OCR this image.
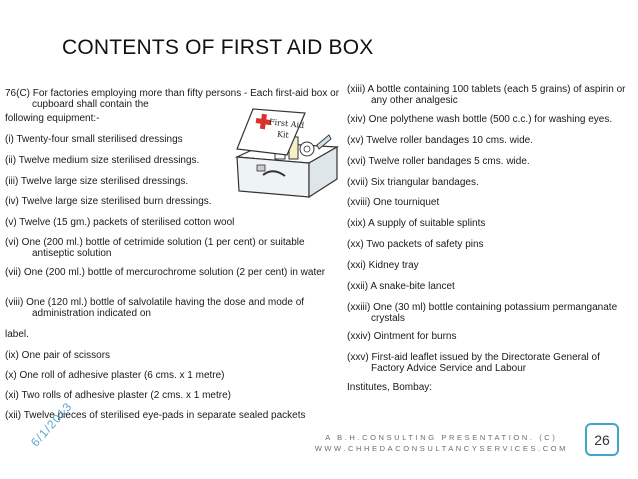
CONTENTS OF FIRST AID BOX

76(C) For factories employing more than fifty persons - Each first-aid box or cupboard shall contain the

following equipment:-

(i) Twenty-four small sterilised dressings

(ii) Twelve medium size sterilised dressings.

(iii) Twelve large size sterilised dressings.

(iv) Twelve large size sterilised burn dressings.

(v) Twelve (15 gm.) packets of sterilised cotton wool

(vi) One (200 ml.) bottle of cetrimide solution (1 per cent) or suitable antiseptic solution

(vii) One (200 ml.) bottle of mercurochrome solution (2 per cent) in water

(viii) One (120 ml.) bottle of salvolatile having the dose and mode of administration indicated on

label.

(ix) One pair of scissors

(x) One roll of adhesive plaster (6 cms. x 1 metre)

(xi) Two rolls of adhesive plaster (2 cms. x 1 metre)

(xii) Twelve pieces of sterilised eye-pads in separate sealed packets

First Aid
Kit

(xiii) A bottle containing 100 tablets (each 5 grains) of aspirin or any other analgesic

(xiv) One polythene wash bottle (500 c.c.) for washing eyes.

(xv) Twelve roller bandages 10 cms. wide.

(xvi) Twelve roller bandages 5 cms. wide.

(xvii) Six triangular bandages.

(xviii) One tourniquet

(xix) A supply of suitable splints

(xx) Two packets of safety pins

(xxi) Kidney tray

(xxii) A snake-bite lancet

(xxiii) One (30 ml) bottle containing potassium permanganate crystals

(xxiv) Ointment for burns

(xxv) First-aid leaflet issued by the Directorate General of Factory Advice Service and Labour

Institutes, Bombay:

6/1/2013	A B.H.CONSULTING PRESENTATION. (C)
WWW.CHHEDACONSULTANCYSERVICES.COM
26
